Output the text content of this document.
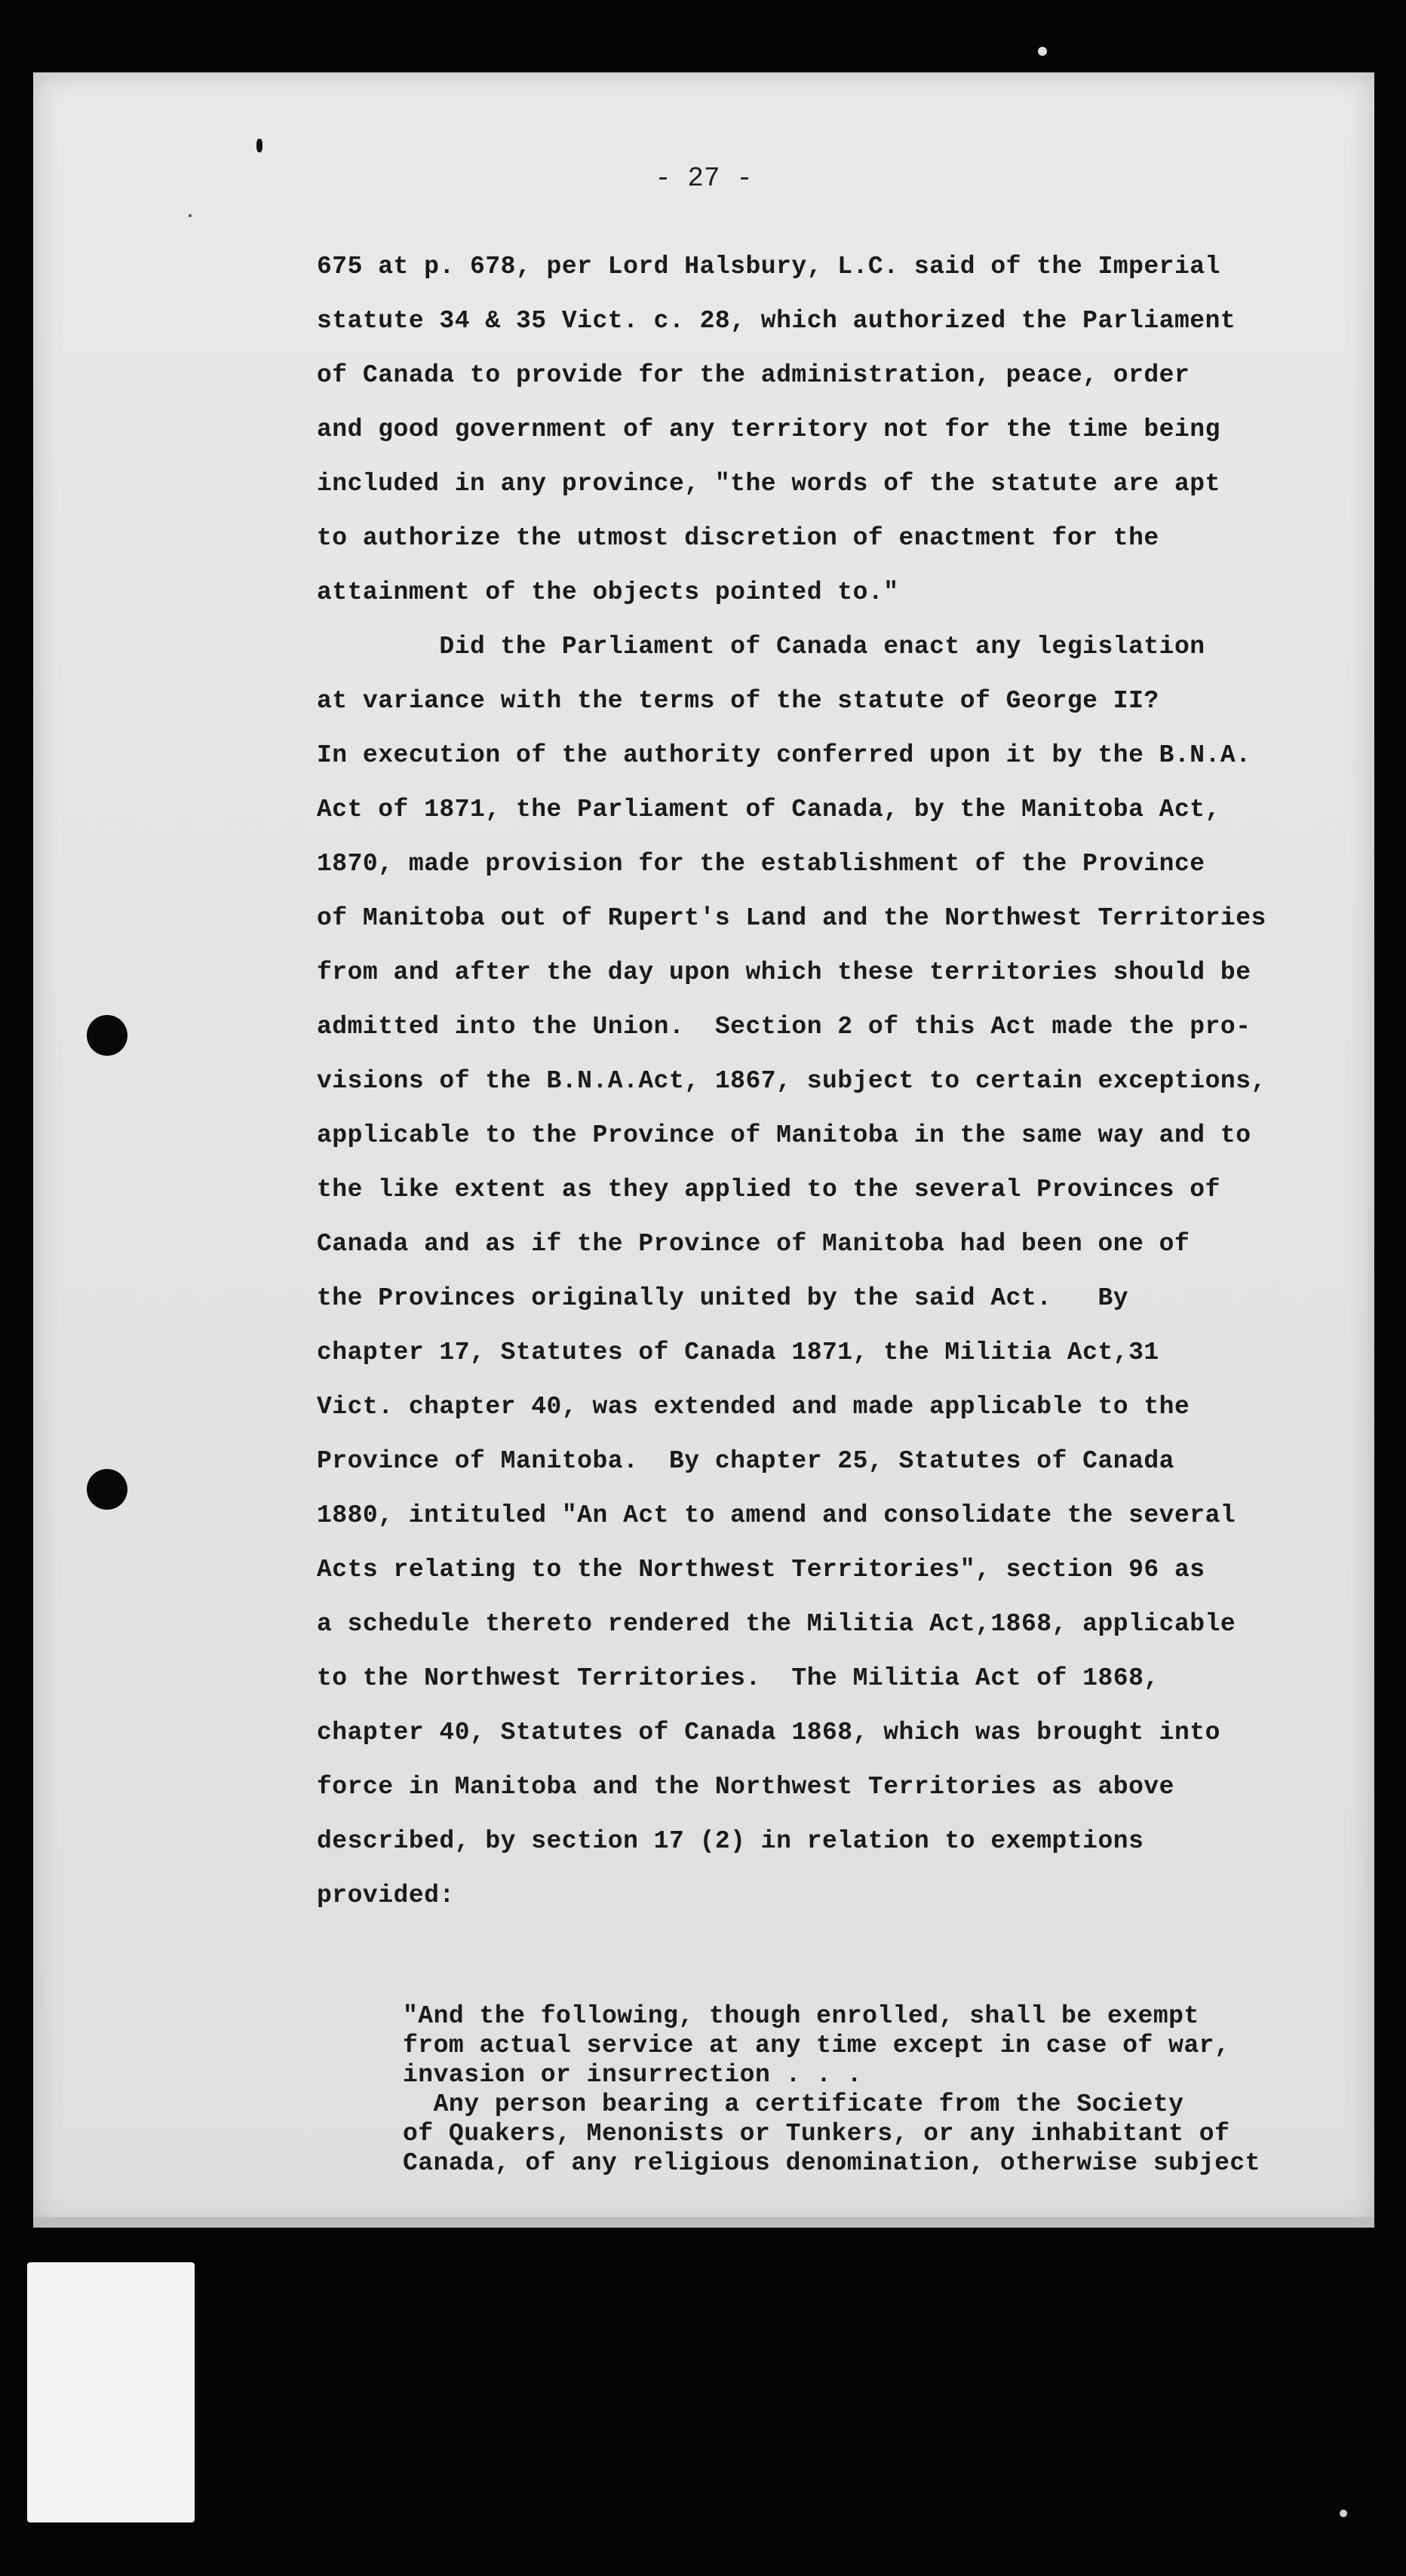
- 27 -
675 at p. 678, per Lord Halsbury, L.C. said of the Imperial
statute 34 & 35 Vict. c. 28, which authorized the Parliament
of Canada to provide for the administration, peace, order
and good government of any territory not for the time being
included in any province, "the words of the statute are apt
to authorize the utmost discretion of enactment for the
attainment of the objects pointed to."
Did the Parliament of Canada enact any legislation
at variance with the terms of the statute of George II?
In execution of the authority conferred upon it by the B.N.A.
Act of 1871, the Parliament of Canada, by the Manitoba Act,
1870, made provision for the establishment of the Province
of Manitoba out of Rupert's Land and the Northwest Territories
from and after the day upon which these territories should be
admitted into the Union.  Section 2 of this Act made the pro-
visions of the B.N.A.Act, 1867, subject to certain exceptions,
applicable to the Province of Manitoba in the same way and to
the like extent as they applied to the several Provinces of
Canada and as if the Province of Manitoba had been one of
the Provinces originally united by the said Act.   By
chapter 17, Statutes of Canada 1871, the Militia Act,31
Vict. chapter 40, was extended and made applicable to the
Province of Manitoba.  By chapter 25, Statutes of Canada
1880, intituled "An Act to amend and consolidate the several
Acts relating to the Northwest Territories", section 96 as
a schedule thereto rendered the Militia Act,1868, applicable
to the Northwest Territories.  The Militia Act of 1868,
chapter 40, Statutes of Canada 1868, which was brought into
force in Manitoba and the Northwest Territories as above
described, by section 17 (2) in relation to exemptions
provided:
"And the following, though enrolled, shall be exempt
from actual service at any time except in case of war,
invasion or insurrection . . .
Any person bearing a certificate from the Society
of Quakers, Menonists or Tunkers, or any inhabitant of
Canada, of any religious denomination, otherwise subject
